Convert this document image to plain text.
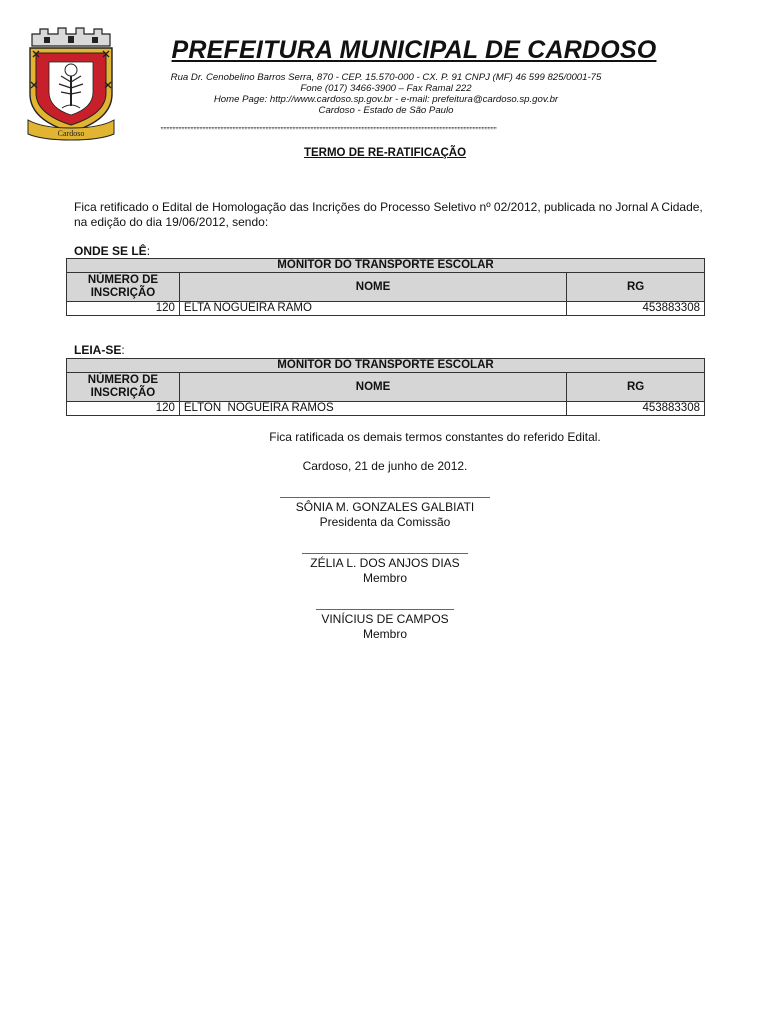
Cardoso
PREFEITURA MUNICIPAL DE CARDOSO
Rua Dr. Cenobelino Barros Serra, 870 - CEP. 15.570-000 - CX. P. 91 CNPJ (MF) 46 599 825/0001-75
Fone (017) 3466-3900 – Fax Ramal 222
Home Page: http://www.cardoso.sp.gov.br - e-mail: prefeitura@cardoso.sp.gov.br
Cardoso - Estado de São Paulo
,,,,,,,,,,,,,,,,,,,,,,,,,,,,,,,,,,,,,,,,,,,,,,,,,,,,,,,,,,,,,,,,,,,,,,,,,,,,,,,,,,,,,,,,,,,,,,,,,,,,,,,,,,,,,,,,,,,,,,,,,,,,,,,,,,,,,,,,,,,,,,,,,,,,,,,,,,,,,,,,,,,,,,,,,,,,,,,,,,,,,,,,,,,,,,,,,,,,,,,,,,,,,,,,,,,,,,,,,,,,,,,,
TERMO DE RE-RATIFICAÇÃO
Fica retificado o Edital de Homologação das Incrições do Processo Seletivo nº 02/2012, publicada no Jornal A Cidade, na edição do dia 19/06/2012, sendo:
ONDE SE LÊ:
MONITOR DO TRANSPORTE ESCOLAR		
NÚMERO DE INSCRIÇÃO	NOME	RG
120	ELTA NOGUEIRA RAMO	453883308
LEIA-SE:
MONITOR DO TRANSPORTE ESCOLAR		
NÚMERO DE INSCRIÇÃO	NOME	RG
120	ELTON  NOGUEIRA RAMOS	453883308
Fica ratificada os demais termos constantes do referido Edital.
Cardoso, 21 de junho de 2012.
SÔNIA M. GONZALES GALBIATI
Presidenta da Comissão
ZÉLIA L. DOS ANJOS DIAS
Membro
VINÍCIUS DE CAMPOS
Membro
